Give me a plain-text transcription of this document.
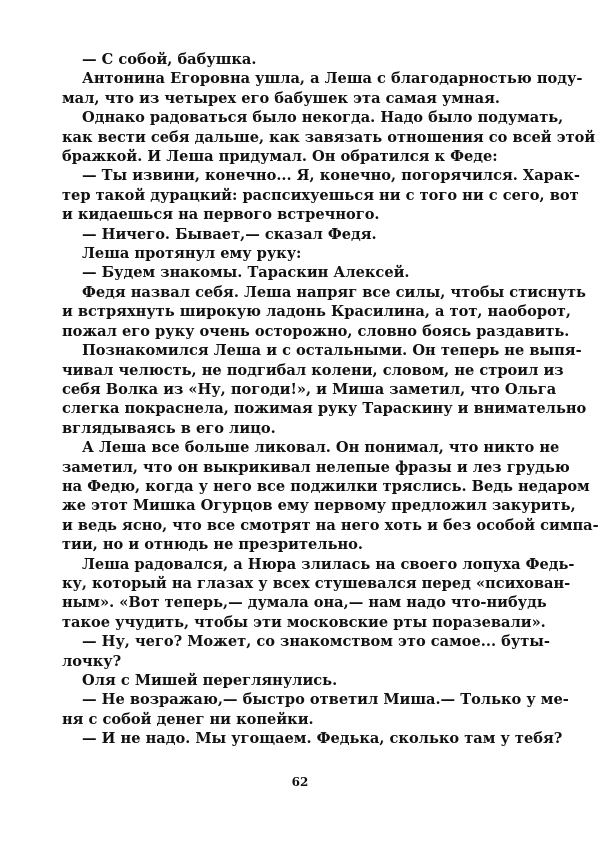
— С собой, бабушка.
Антонина Егоровна ушла, а Леша с благодарностью поду-
мал, что из четырех его бабушек эта самая умная.
Однако радоваться было некогда. Надо было подумать,
как вести себя дальше, как завязать отношения со всей этой
бражкой. И Леша придумал. Он обратился к Феде:
— Ты извини, конечно... Я, конечно, погорячился. Харак-
тер такой дурацкий: распсихуешься ни с того ни с сего, вот
и кидаешься на первого встречного.
— Ничего. Бывает,— сказал Федя.
Леша протянул ему руку:
— Будем знакомы. Тараскин Алексей.
Федя назвал себя. Леша напряг все силы, чтобы стиснуть
и встряхнуть широкую ладонь Красилина, а тот, наоборот,
пожал его руку очень осторожно, словно боясь раздавить.
Познакомился Леша и с остальными. Он теперь не выпя-
чивал челюсть, не подгибал колени, словом, не строил из
себя Волка из «Ну, погоди!», и Миша заметил, что Ольга
слегка покраснела, пожимая руку Тараскину и внимательно
вглядываясь в его лицо.
А Леша все больше ликовал. Он понимал, что никто не
заметил, что он выкрикивал нелепые фразы и лез грудью
на Федю, когда у него все поджилки тряслись. Ведь недаром
же этот Мишка Огурцов ему первому предложил закурить,
и ведь ясно, что все смотрят на него хоть и без особой симпа-
тии, но и отнюдь не презрительно.
Леша радовался, а Нюра злилась на своего лопуха Федь-
ку, который на глазах у всех стушевался перед «психован-
ным». «Вот теперь,— думала она,— нам надо что-нибудь
такое учудить, чтобы эти московские рты поразевали».
— Ну, чего? Может, со знакомством это самое... буты-
лочку?
Оля с Мишей переглянулись.
— Не возражаю,— быстро ответил Миша.— Только у ме-
ня с собой денег ни копейки.
— И не надо. Мы угощаем. Федька, сколько там у тебя?
62
